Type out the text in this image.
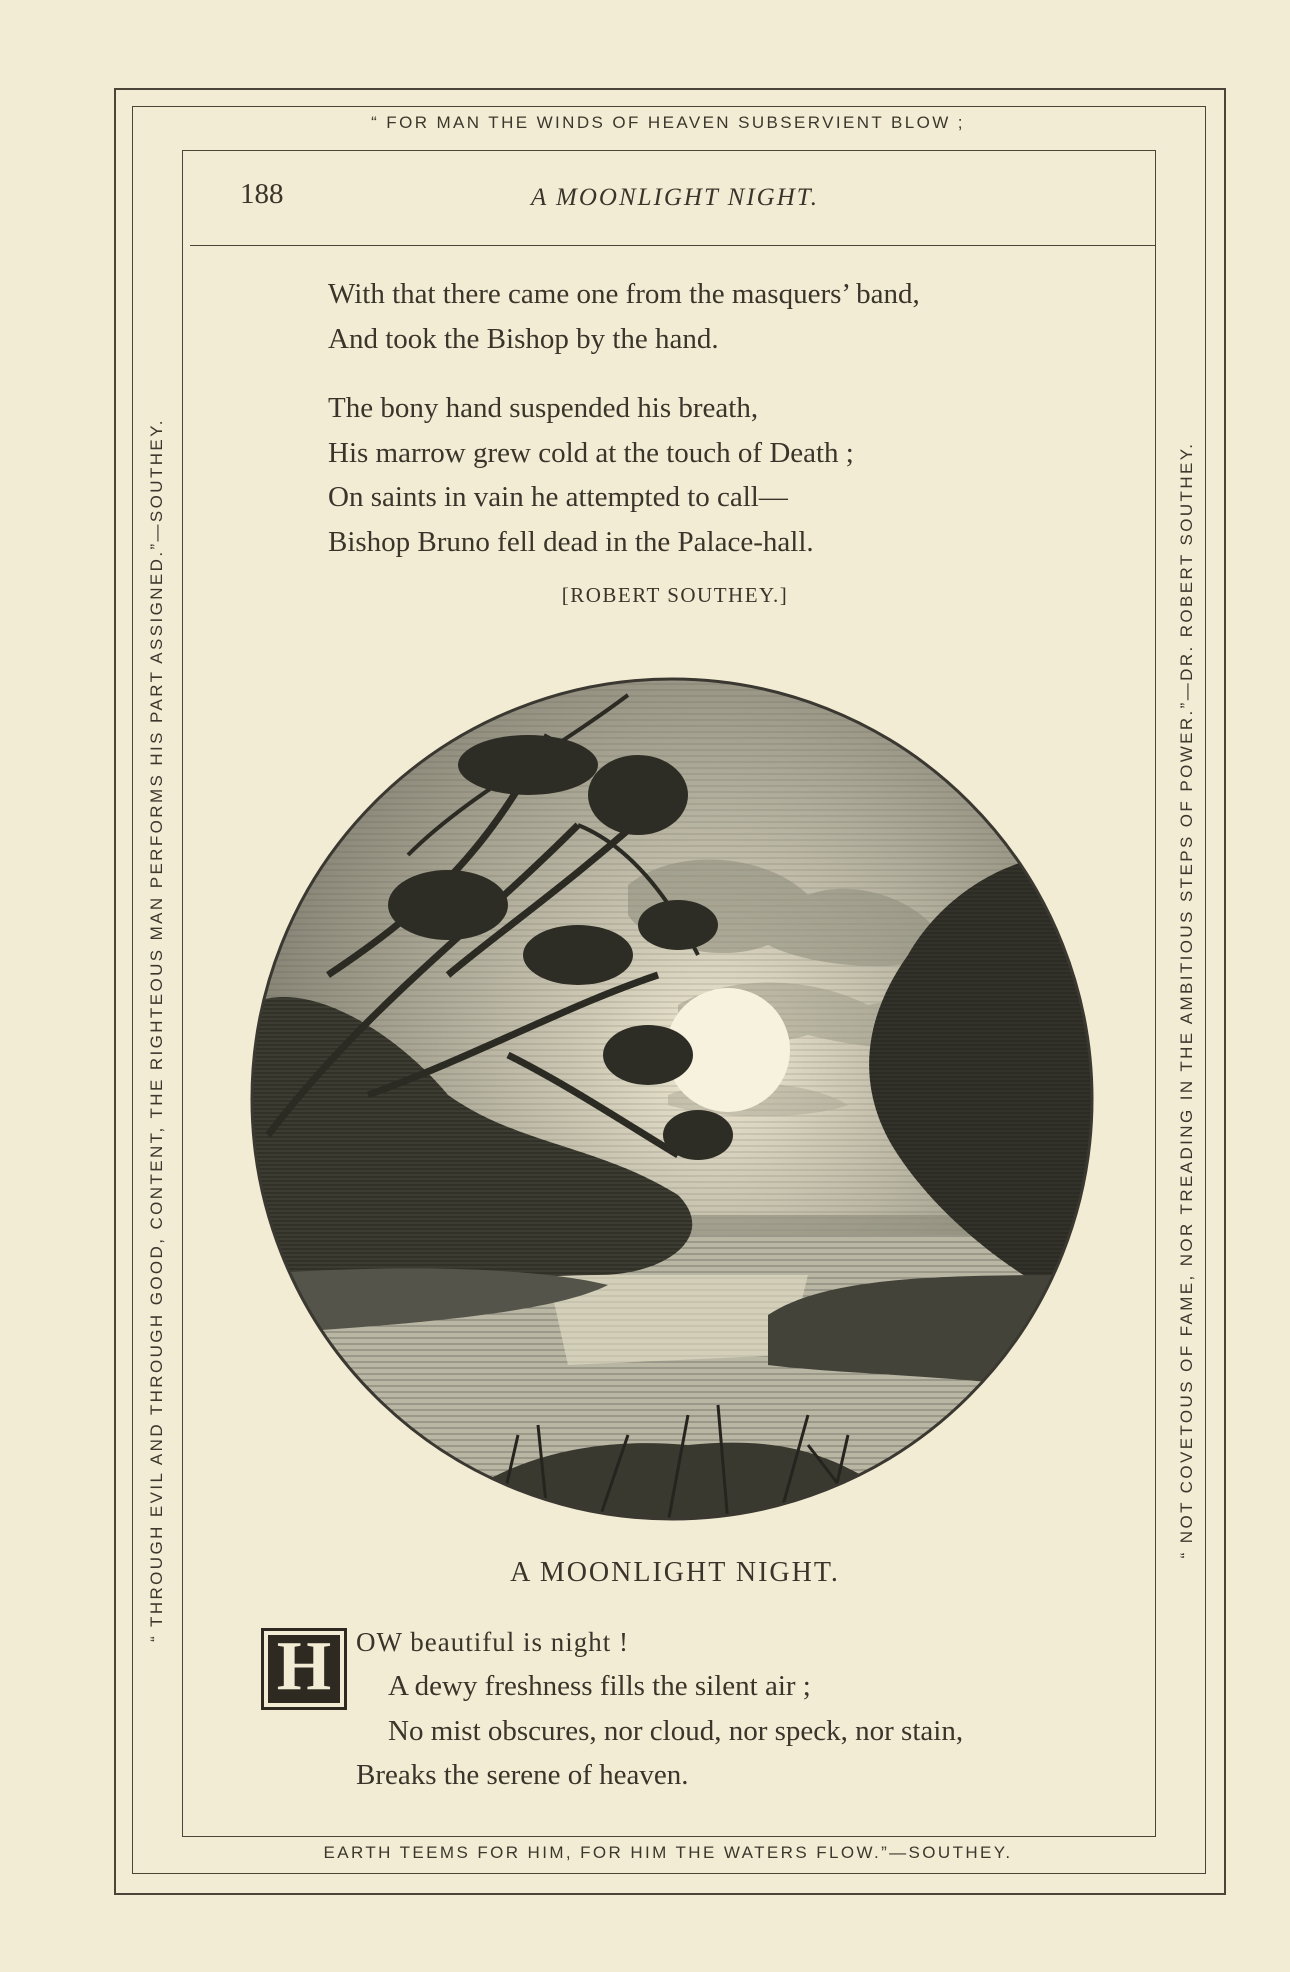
“ FOR MAN THE WINDS OF HEAVEN SUBSERVIENT BLOW ;
EARTH TEEMS FOR HIM, FOR HIM THE WATERS FLOW.”—SOUTHEY.
“ THROUGH EVIL AND THROUGH GOOD, CONTENT, THE RIGHTEOUS MAN PERFORMS HIS PART ASSIGNED.”—SOUTHEY.	“ NOT COVETOUS OF FAME, NOR TREADING IN THE AMBITIOUS STEPS OF POWER.”—DR. ROBERT SOUTHEY.
188	A MOONLIGHT NIGHT.
With that there came one from the masquers’ band,
And took the Bishop by the hand.
The bony hand suspended his breath,
His marrow grew cold at the touch of Death ;
On saints in vain he attempted to call—
Bishop Bruno fell dead in the Palace-hall.
[ROBERT SOUTHEY.]
A MOONLIGHT NIGHT.
H OW beautiful is night !
A dewy freshness fills the silent air ;
No mist obscures, nor cloud, nor speck, nor stain,
Breaks the serene of heaven.
